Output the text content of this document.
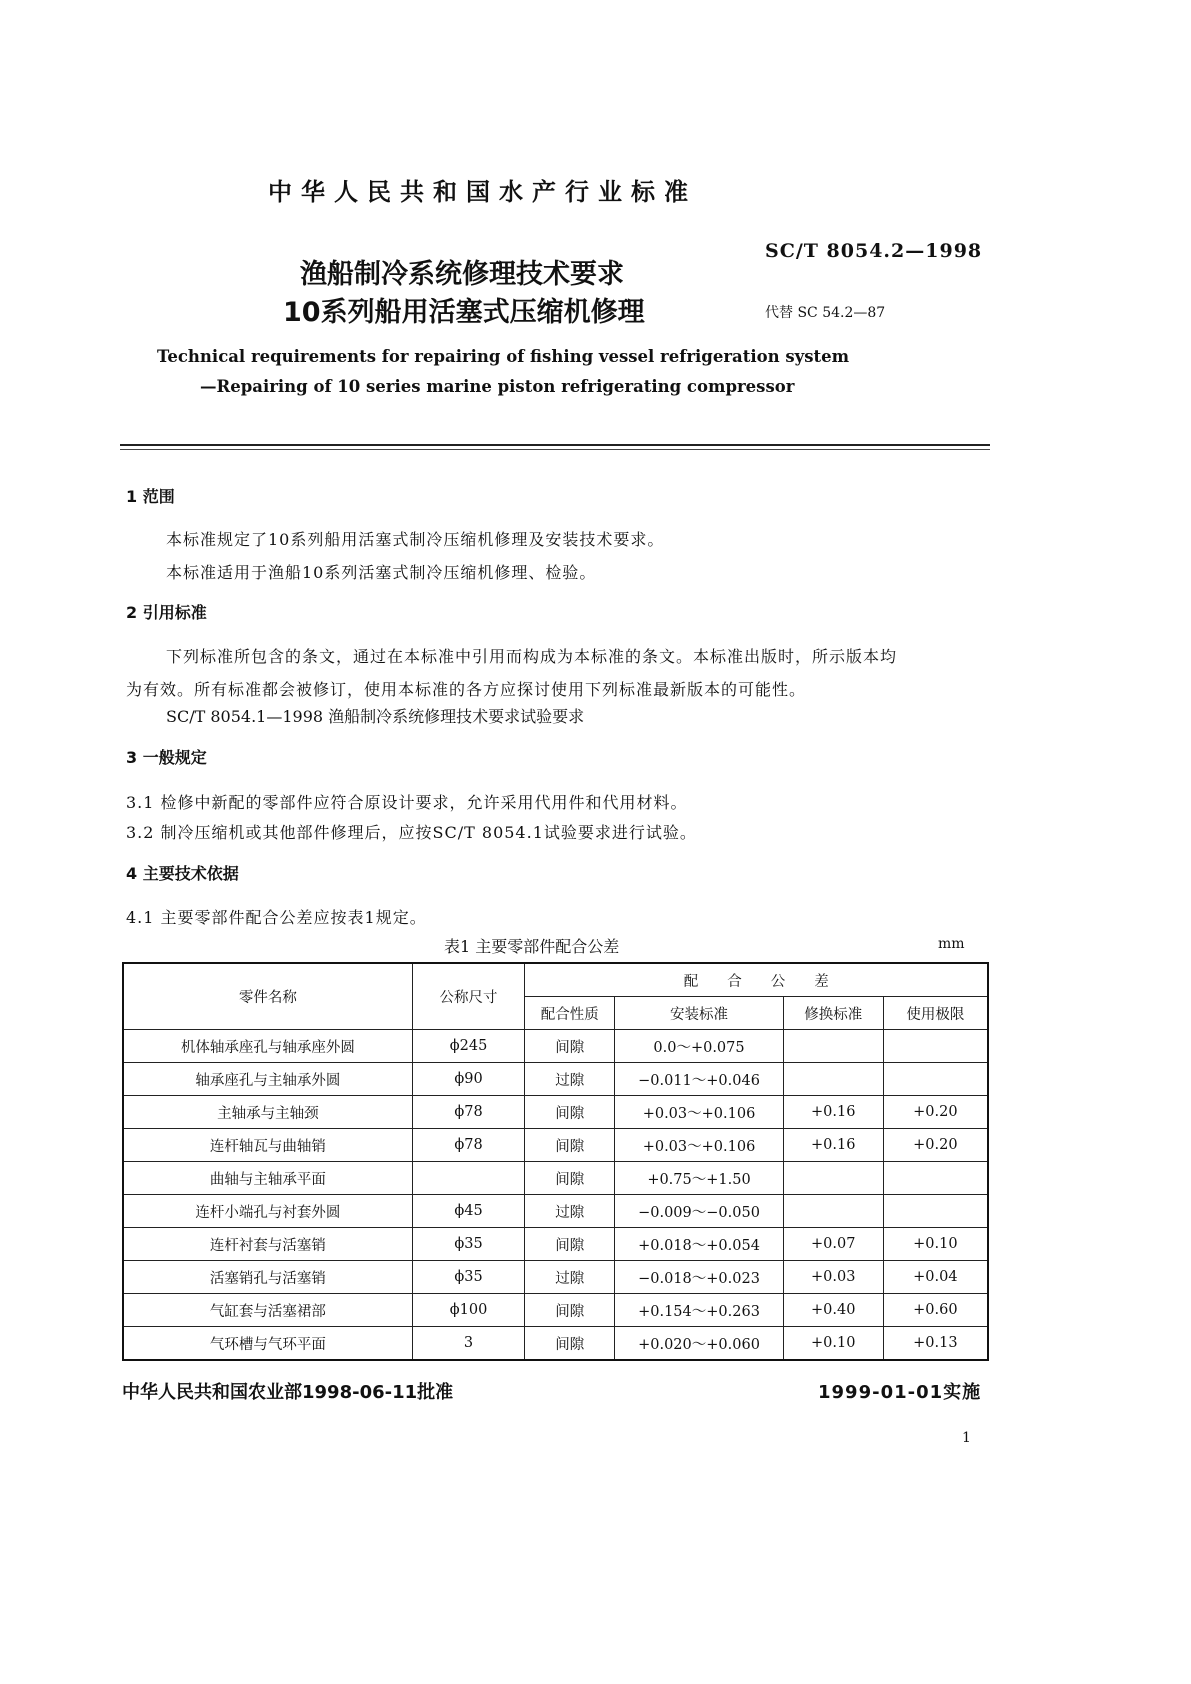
中华人民共和国水产行业标准
SC/T 8054.2—1998
代替 SC 54.2—87
渔船制冷系统修理技术要求
10系列船用活塞式压缩机修理
Technical requirements for repairing of fishing vessel refrigeration system
—Repairing of 10 series marine piston refrigerating compressor
1 范围
本标准规定了10系列船用活塞式制冷压缩机修理及安装技术要求。
本标准适用于渔船10系列活塞式制冷压缩机修理、检验。
2 引用标准
下列标准所包含的条文，通过在本标准中引用而构成为本标准的条文。本标准出版时，所示版本均
为有效。所有标准都会被修订，使用本标准的各方应探讨使用下列标准最新版本的可能性。
SC/T 8054.1—1998 渔船制冷系统修理技术要求试验要求
3 一般规定
3.1 检修中新配的零部件应符合原设计要求，允许采用代用件和代用材料。
3.2 制冷压缩机或其他部件修理后，应按SC/T 8054.1试验要求进行试验。
4 主要技术依据
4.1 主要零部件配合公差应按表1规定。
表1 主要零部件配合公差	mm
零件名称	公称尺寸	配　　合　　公　　差			
		配合性质	安装标准	修换标准	使用极限
机体轴承座孔与轴承座外圆	ϕ245	间隙	0.0～+0.075		
轴承座孔与主轴承外圆	ϕ90	过隙	−0.011～+0.046		
主轴承与主轴颈	ϕ78	间隙	+0.03～+0.106	+0.16	+0.20
连杆轴瓦与曲轴销	ϕ78	间隙	+0.03～+0.106	+0.16	+0.20
曲轴与主轴承平面		间隙	+0.75～+1.50		
连杆小端孔与衬套外圆	ϕ45	过隙	−0.009～−0.050		
连杆衬套与活塞销	ϕ35	间隙	+0.018～+0.054	+0.07	+0.10
活塞销孔与活塞销	ϕ35	过隙	−0.018～+0.023	+0.03	+0.04
气缸套与活塞裙部	ϕ100	间隙	+0.154～+0.263	+0.40	+0.60
气环槽与气环平面	3	间隙	+0.020～+0.060	+0.10	+0.13
中华人民共和国农业部1998-06-11批准	1999-01-01实施
1
